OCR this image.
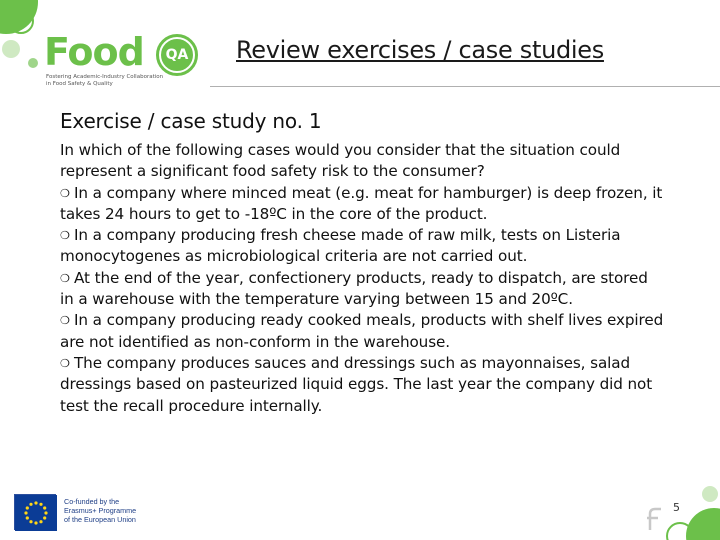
Food	QA
Fostering Academic-Industry Collaboration
in Food Safety & Quality
Review exercises / case studies
Exercise / case study no. 1

In which of the following cases would you consider that the situation could represent a significant food safety risk to the consumer?

❍ In a company where minced meat (e.g. meat for hamburger) is deep frozen, it takes 24 hours to get to -18ºC in the core of the product.

❍ In a company producing fresh cheese made of raw milk, tests on Listeria monocytogenes as microbiological criteria are not carried out.

❍ At the end of the year, confectionery products, ready to dispatch, are stored in a warehouse with the temperature varying between 15 and 20ºC.

❍ In a company producing ready cooked meals, products with shelf lives expired are not identified as non-conform in the warehouse.

❍ The company produces sauces and dressings such as mayonnaises, salad dressings based on pasteurized liquid eggs. The last year the company did not test the recall procedure internally.

Co-funded by the
Erasmus+ Programme
of the European Union
5
